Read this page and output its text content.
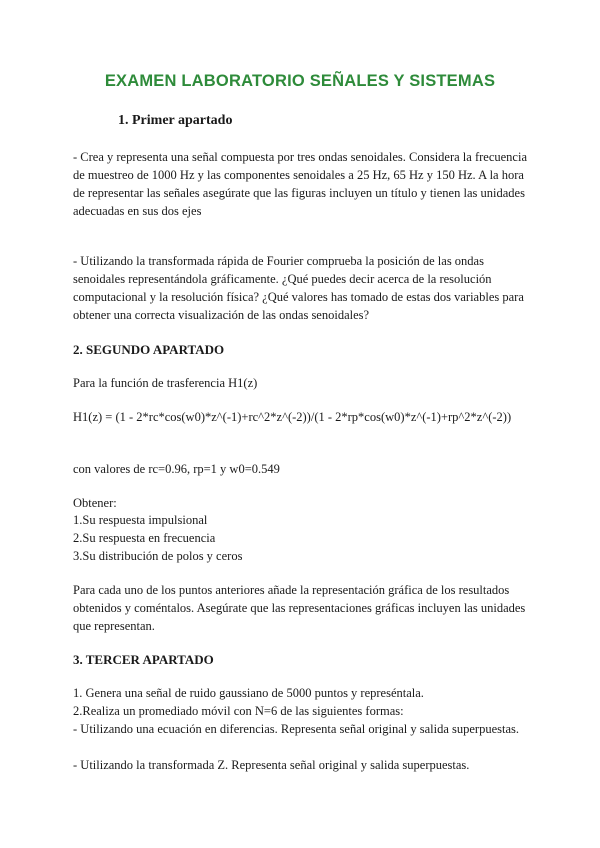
EXAMEN LABORATORIO SEÑALES Y SISTEMAS
1. Primer apartado
- Crea y representa una señal compuesta por tres ondas senoidales. Considera la frecuencia de muestreo de 1000 Hz y las componentes senoidales a 25 Hz, 65 Hz y 150 Hz. A la hora de representar las señales asegúrate que las figuras incluyen un título y tienen las unidades adecuadas en sus dos ejes
- Utilizando la transformada rápida de Fourier comprueba la posición de las ondas senoidales representándola gráficamente. ¿Qué puedes decir acerca de la resolución computacional y la resolución física? ¿Qué valores has tomado de estas dos variables para obtener una correcta visualización de las ondas senoidales?
2. SEGUNDO APARTADO
Para la función de trasferencia H1(z)
H1(z) = (1 - 2*rc*cos(w0)*z^(-1)+rc^2*z^(-2))/(1 - 2*rp*cos(w0)*z^(-1)+rp^2*z^(-2))
con valores de rc=0.96, rp=1 y w0=0.549
Obtener:
1.Su respuesta impulsional
2.Su respuesta en frecuencia
3.Su distribución de polos y ceros
Para cada uno de los puntos anteriores añade la representación gráfica de los resultados obtenidos y coméntalos. Asegúrate que las representaciones gráficas incluyen las unidades que representan.
3. TERCER APARTADO
1. Genera una señal de ruido gaussiano de 5000 puntos y represéntala.
2.Realiza un promediado móvil con N=6 de las siguientes formas:
- Utilizando una ecuación en diferencias. Representa señal original y salida superpuestas.
- Utilizando la transformada Z. Representa señal original y salida superpuestas.
